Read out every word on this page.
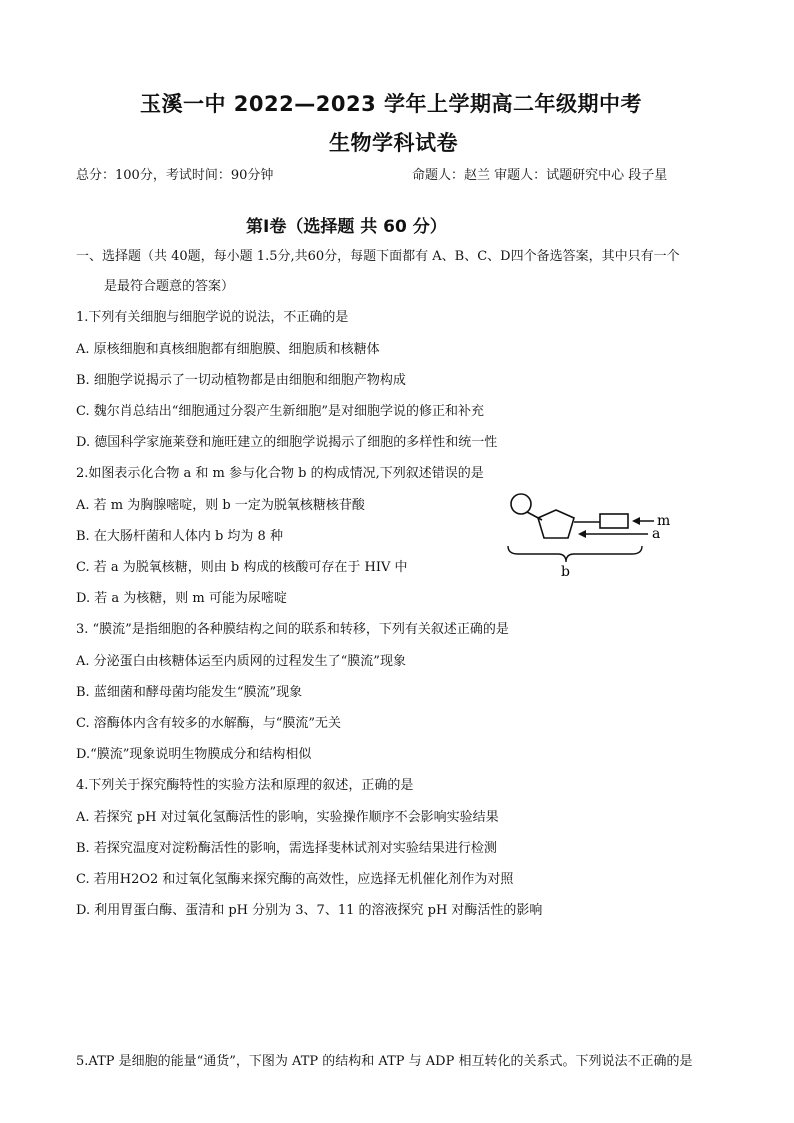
玉溪一中 2022—2023 学年上学期高二年级期中考
生物学科试卷
总分：100分，考试时间：90分钟	命题人：赵兰 审题人：试题研究中心 段子星
第Ⅰ卷（选择题 共 60 分）
一、选择题（共 40题，每小题 1.5分,共60分，每题下面都有 A、B、C、D四个备选答案，其中只有一个
是最符合题意的答案）
1.下列有关细胞与细胞学说的说法，不正确的是
A. 原核细胞和真核细胞都有细胞膜、细胞质和核糖体
B. 细胞学说揭示了一切动植物都是由细胞和细胞产物构成
C. 魏尔肖总结出“细胞通过分裂产生新细胞”是对细胞学说的修正和补充
D. 德国科学家施莱登和施旺建立的细胞学说揭示了细胞的多样性和统一性
2.如图表示化合物 a 和 m 参与化合物 b 的构成情况,下列叙述错误的是
A. 若 m 为胸腺嘧啶，则 b 一定为脱氧核糖核苷酸
B. 在大肠杆菌和人体内 b 均为 8 种
C. 若 a 为脱氧核糖，则由 b 构成的核酸可存在于 HIV 中
D. 若 a 为核糖，则 m 可能为尿嘧啶
m
a
b
3. “膜流”是指细胞的各种膜结构之间的联系和转移，下列有关叙述正确的是
A. 分泌蛋白由核糖体运至内质网的过程发生了“膜流”现象
B. 蓝细菌和酵母菌均能发生“膜流”现象
C. 溶酶体内含有较多的水解酶，与“膜流”无关
D.“膜流”现象说明生物膜成分和结构相似
4.下列关于探究酶特性的实验方法和原理的叙述，正确的是
A. 若探究 pH 对过氧化氢酶活性的影响，实验操作顺序不会影响实验结果
B. 若探究温度对淀粉酶活性的影响，需选择斐林试剂对实验结果进行检测
C. 若用H2O2 和过氧化氢酶来探究酶的高效性，应选择无机催化剂作为对照
D. 利用胃蛋白酶、蛋清和 pH 分别为 3、7、11 的溶液探究 pH 对酶活性的影响
5.ATP 是细胞的能量“通货”，下图为 ATP 的结构和 ATP 与 ADP 相互转化的关系式。下列说法不正确的是
